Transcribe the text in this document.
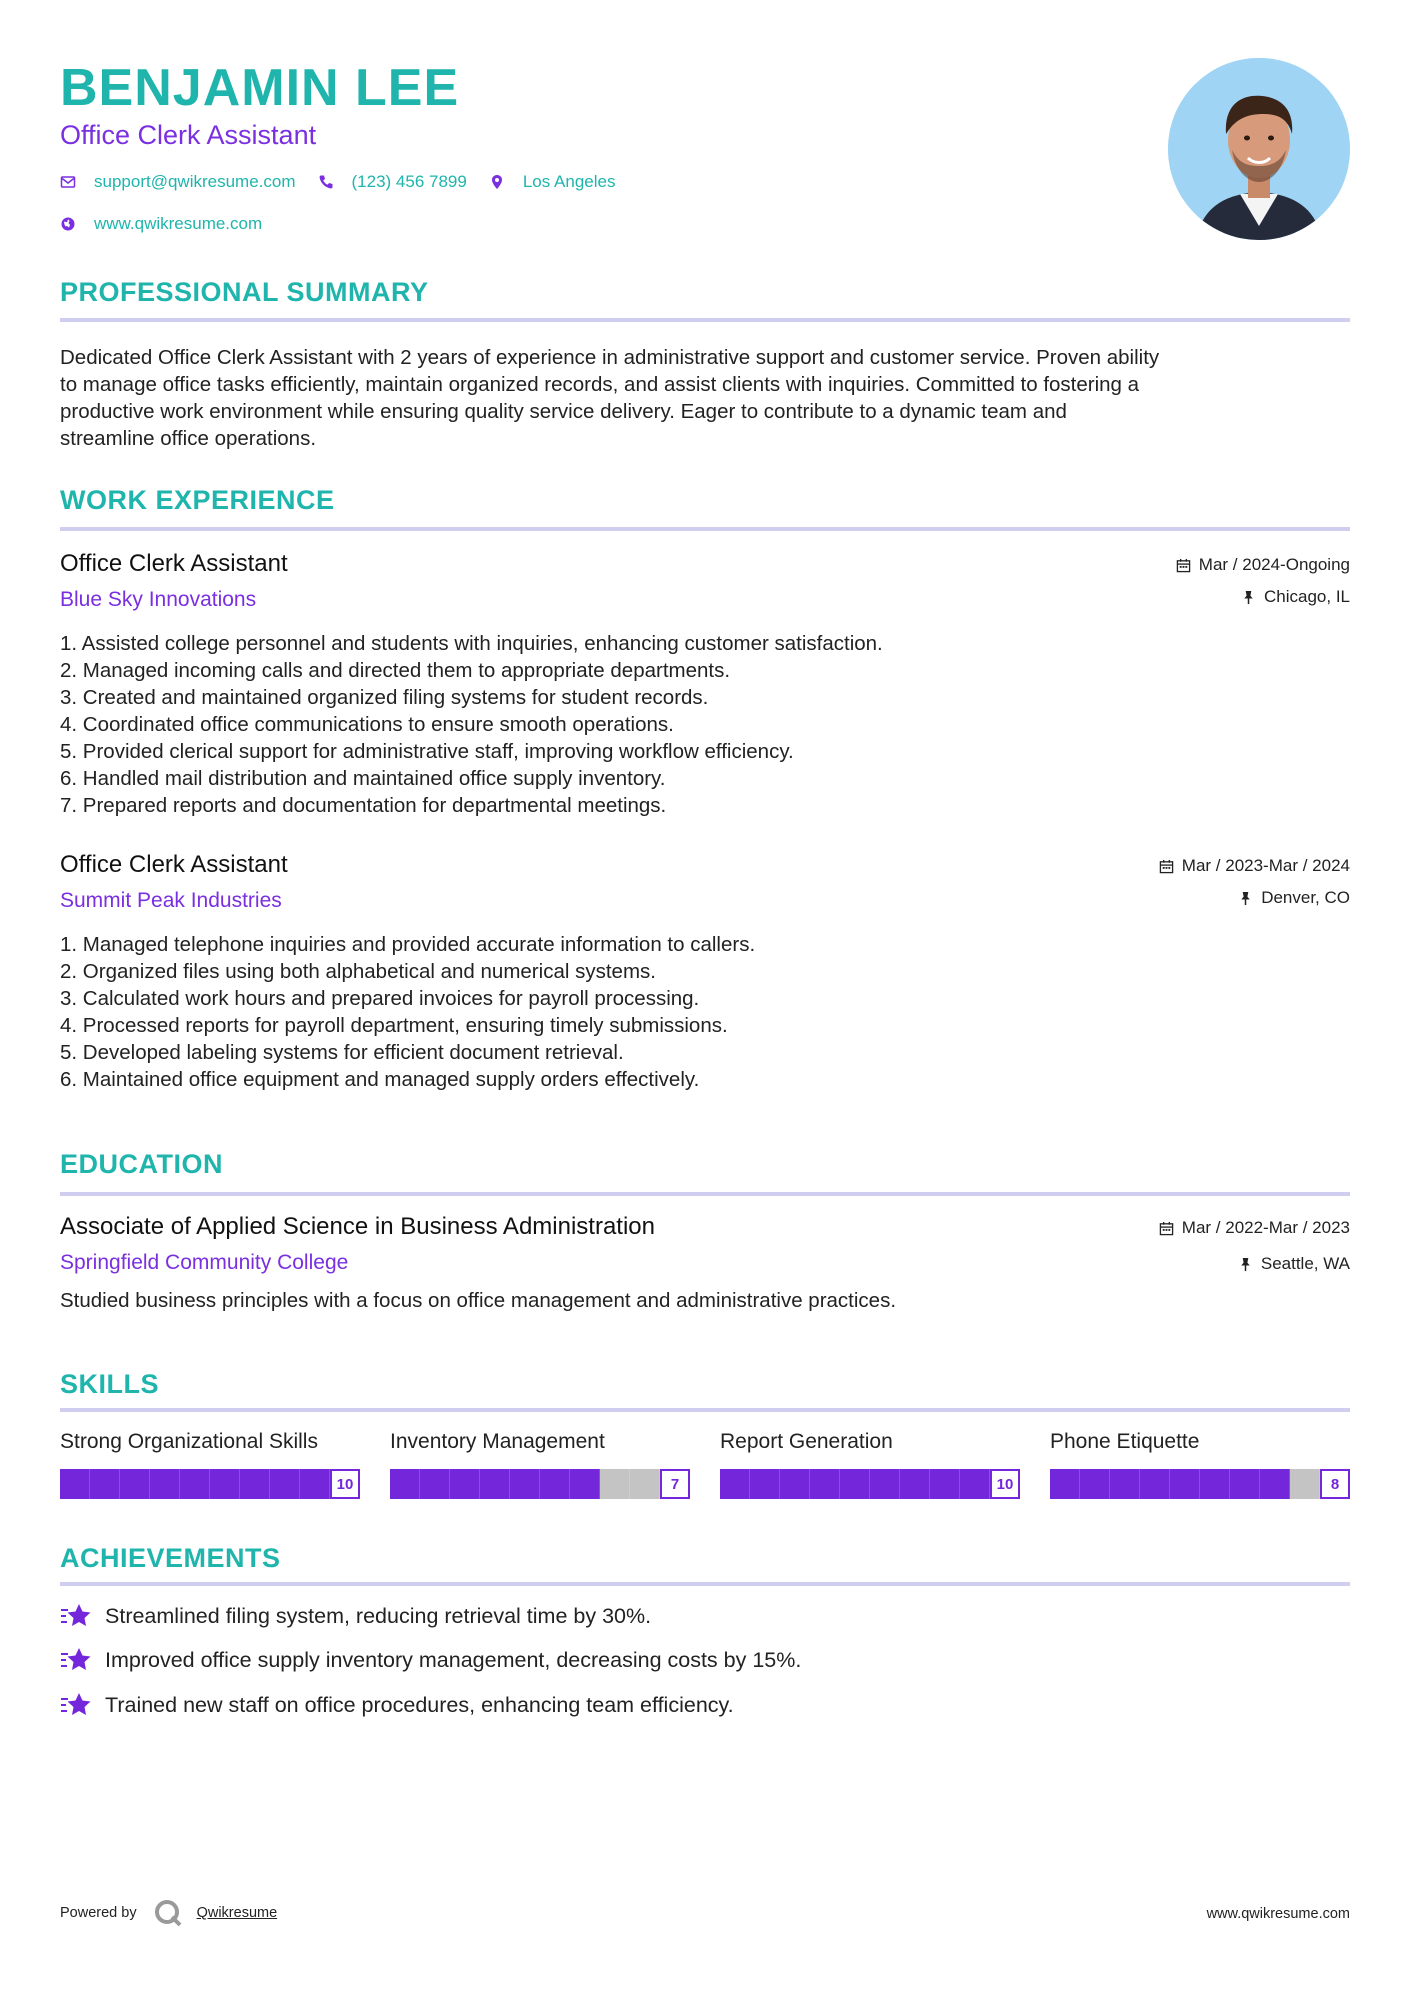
BENJAMIN LEE
Office Clerk Assistant
support@qwikresume.com	(123) 456 7899	Los Angeles
www.qwikresume.com
PROFESSIONAL SUMMARY
Dedicated Office Clerk Assistant with 2 years of experience in administrative support and customer service. Proven ability
to manage office tasks efficiently, maintain organized records, and assist clients with inquiries. Committed to fostering a
productive work environment while ensuring quality service delivery. Eager to contribute to a dynamic team and
streamline office operations.
WORK EXPERIENCE
Office Clerk Assistant
Blue Sky Innovations
Mar / 2024-Ongoing
Chicago, IL
1. Assisted college personnel and students with inquiries, enhancing customer satisfaction.
2. Managed incoming calls and directed them to appropriate departments.
3. Created and maintained organized filing systems for student records.
4. Coordinated office communications to ensure smooth operations.
5. Provided clerical support for administrative staff, improving workflow efficiency.
6. Handled mail distribution and maintained office supply inventory.
7. Prepared reports and documentation for departmental meetings.
Office Clerk Assistant
Summit Peak Industries
Mar / 2023-Mar / 2024
Denver, CO
1. Managed telephone inquiries and provided accurate information to callers.
2. Organized files using both alphabetical and numerical systems.
3. Calculated work hours and prepared invoices for payroll processing.
4. Processed reports for payroll department, ensuring timely submissions.
5. Developed labeling systems for efficient document retrieval.
6. Maintained office equipment and managed supply orders effectively.
EDUCATION
Associate of Applied Science in Business Administration
Springfield Community College
Mar / 2022-Mar / 2023
Seattle, WA
Studied business principles with a focus on office management and administrative practices.
SKILLS
Strong Organizational Skills
10
Inventory Management
7
Report Generation
10
Phone Etiquette
8
ACHIEVEMENTS
Streamlined filing system, reducing retrieval time by 30%.
Improved office supply inventory management, decreasing costs by 15%.
Trained new staff on office procedures, enhancing team efficiency.
Powered by	Qwikresume	www.qwikresume.com
